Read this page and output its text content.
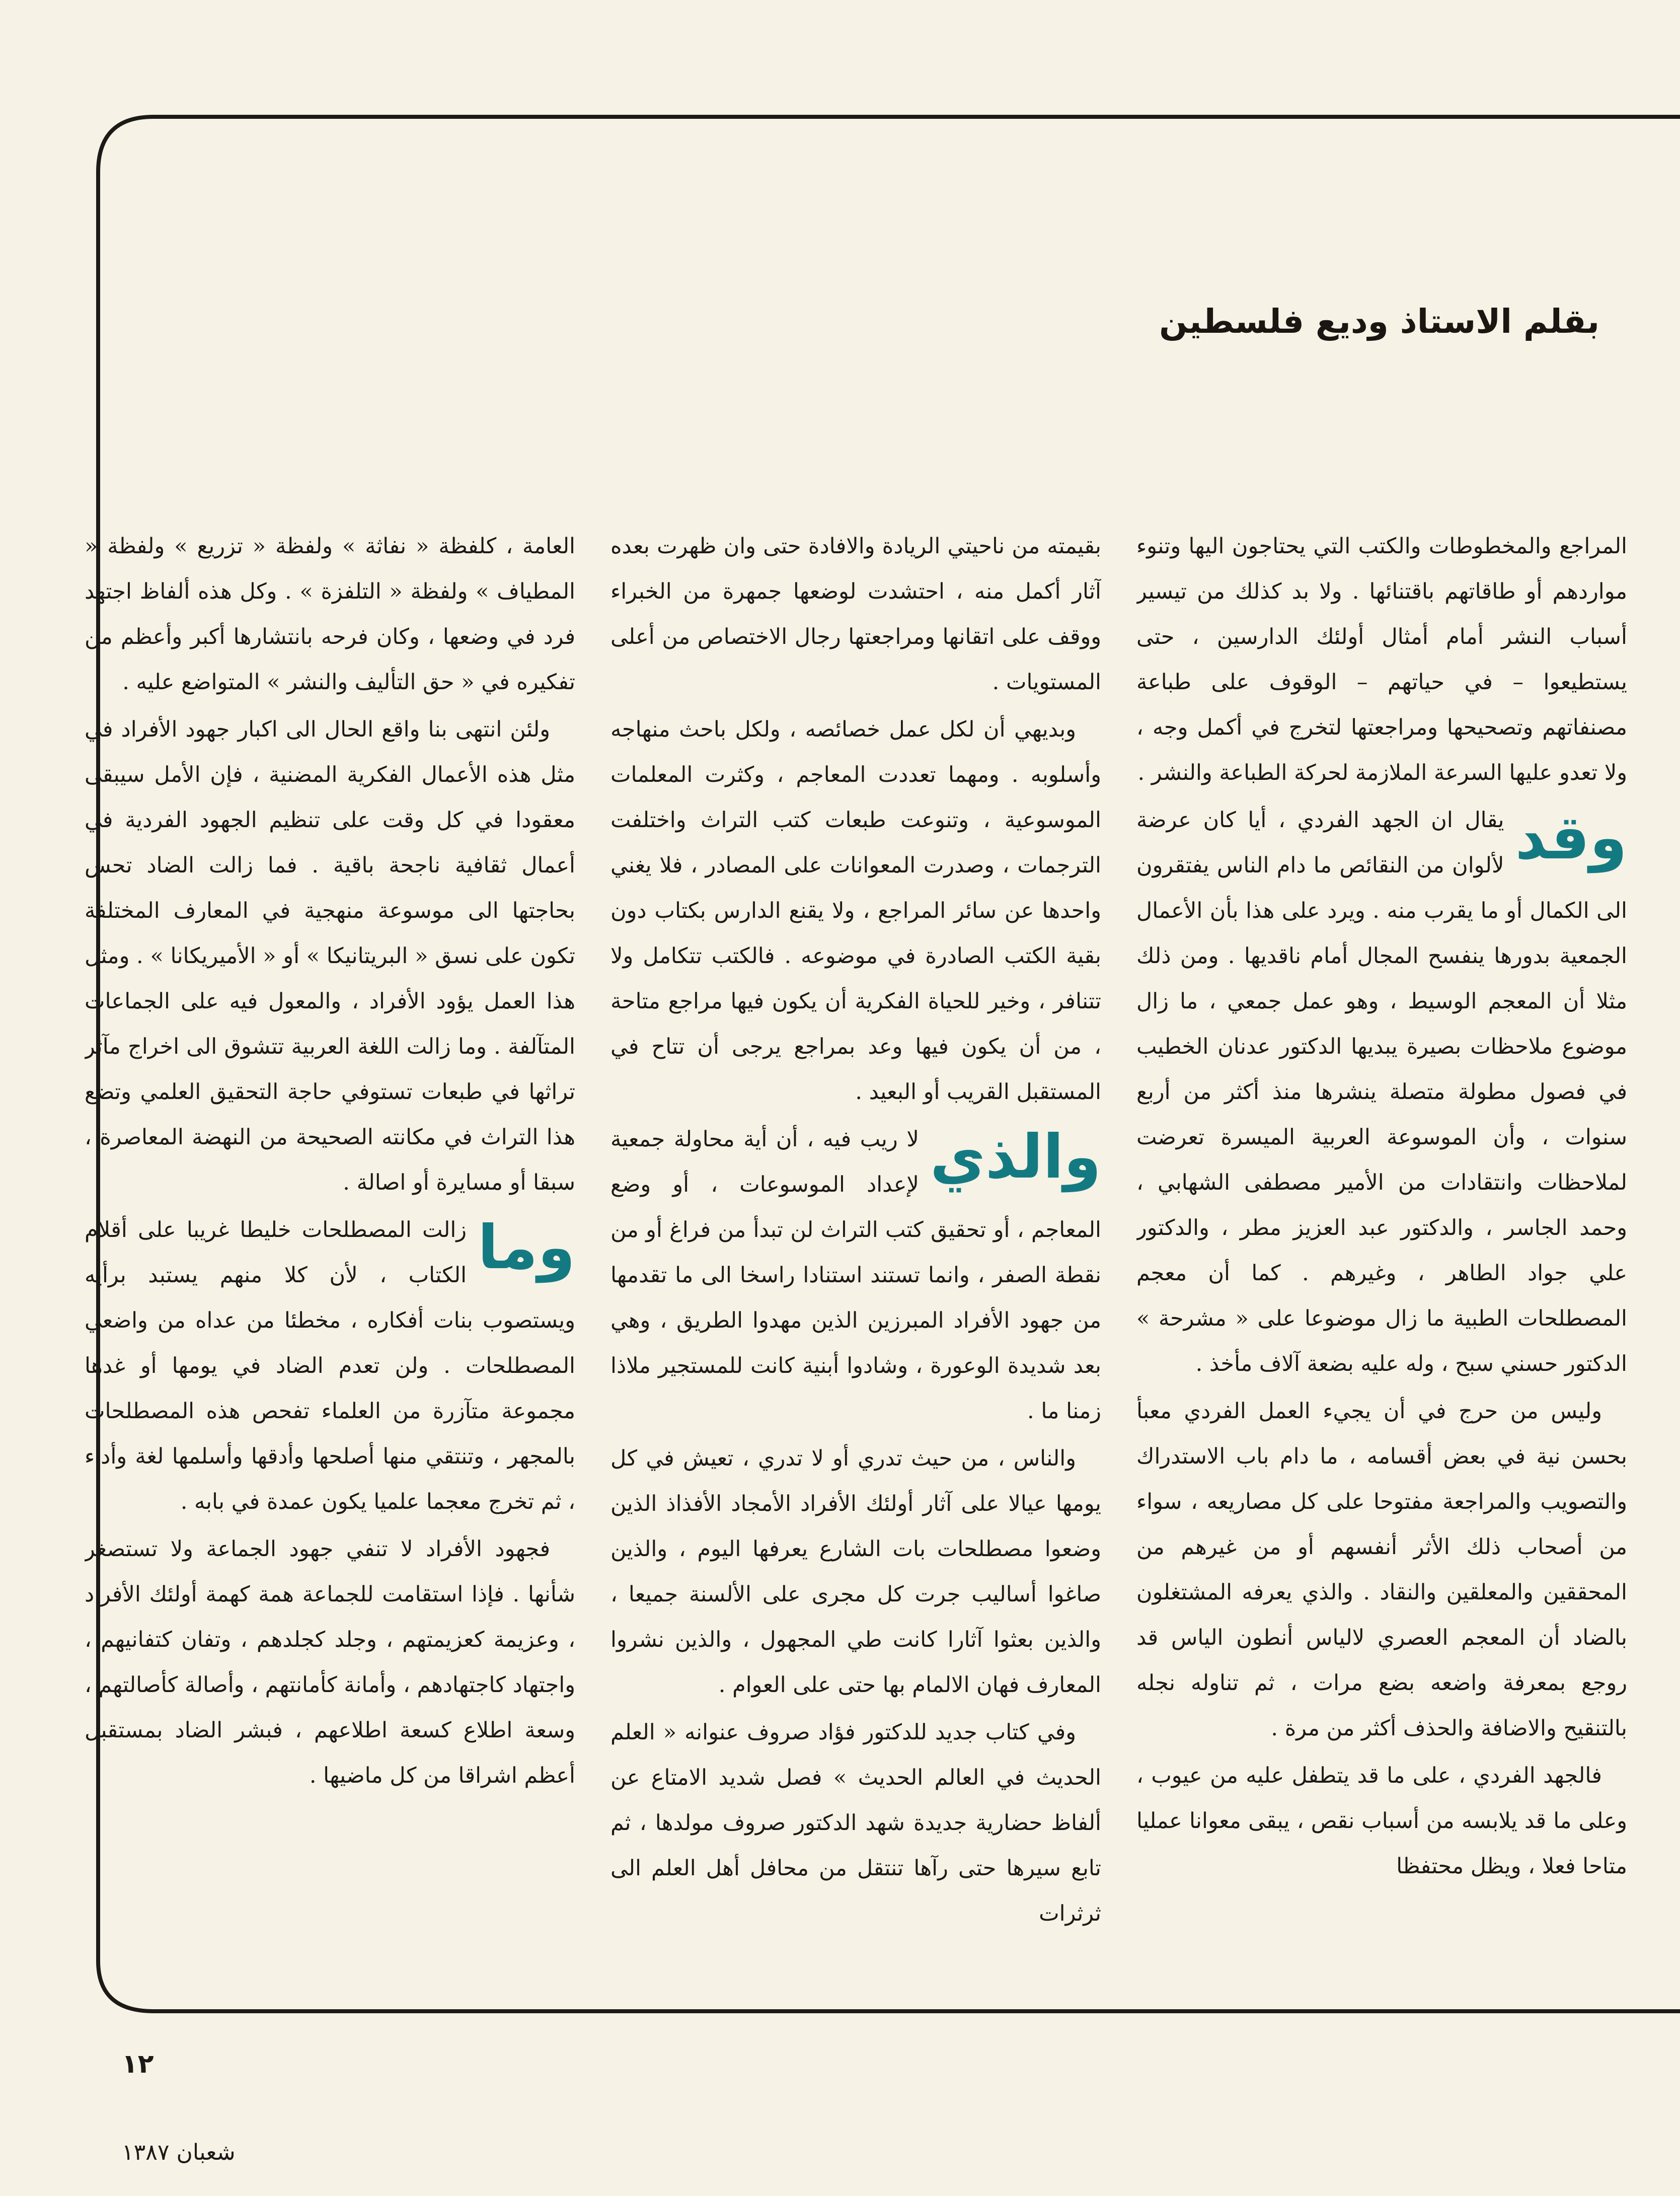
بقلم الاستاذ وديع فلسطين

المراجع والمخطوطات والكتب التي يحتاجون اليها وتنوء مواردهم أو طاقاتهم باقتنائها . ولا بد كذلك من تيسير أسباب النشر أمام أمثال أولئك الدارسين ، حتى يستطيعوا – في حياتهم – الوقوف على طباعة مصنفاتهم وتصحيحها ومراجعتها لتخرج في أكمل وجه ، ولا تعدو عليها السرعة الملازمة لحركة الطباعة والنشر .

وقد
يقال ان الجهد الفردي ، أيا كان عرضة لألوان من النقائص ما دام الناس يفتقرون الى الكمال أو ما يقرب منه . ويرد على هذا بأن الأعمال الجمعية بدورها ينفسح المجال أمام ناقديها . ومن ذلك مثلا أن المعجم الوسيط ، وهو عمل جمعي ، ما زال موضوع ملاحظات بصيرة يبديها الدكتور عدنان الخطيب في فصول مطولة متصلة ينشرها منذ أكثر من أربع سنوات ، وأن الموسوعة العربية الميسرة تعرضت لملاحظات وانتقادات من الأمير مصطفى الشهابي ، وحمد الجاسر ، والدكتور عبد العزيز مطر ، والدكتور علي جواد الطاهر ، وغيرهم . كما أن معجم المصطلحات الطبية ما زال موضوعا على « مشرحة » الدكتور حسني سبح ، وله عليه بضعة آلاف مأخذ .

وليس من حرج في أن يجيء العمل الفردي معبأ بحسن نية في بعض أقسامه ، ما دام باب الاستدراك والتصويب والمراجعة مفتوحا على كل مصاريعه ، سواء من أصحاب ذلك الأثر أنفسهم أو من غيرهم من المحققين والمعلقين والنقاد . والذي يعرفه المشتغلون بالضاد أن المعجم العصري لالياس أنطون الياس قد روجع بمعرفة واضعه بضع مرات ، ثم تناوله نجله بالتنقيح والاضافة والحذف أكثر من مرة .

فالجهد الفردي ، على ما قد يتطفل عليه من عيوب ، وعلى ما قد يلابسه من أسباب نقص ، يبقى معوانا عمليا متاحا فعلا ، ويظل محتفظا

بقيمته من ناحيتي الريادة والافادة حتى وان ظهرت بعده آثار أكمل منه ، احتشدت لوضعها جمهرة من الخبراء ووقف على اتقانها ومراجعتها رجال الاختصاص من أعلى المستويات .

وبديهي أن لكل عمل خصائصه ، ولكل باحث منهاجه وأسلوبه . ومهما تعددت المعاجم ، وكثرت المعلمات الموسوعية ، وتنوعت طبعات كتب التراث واختلفت الترجمات ، وصدرت المعوانات على المصادر ، فلا يغني واحدها عن سائر المراجع ، ولا يقنع الدارس بكتاب دون بقية الكتب الصادرة في موضوعه . فالكتب تتكامل ولا تتنافر ، وخير للحياة الفكرية أن يكون فيها مراجع متاحة ، من أن يكون فيها وعد بمراجع يرجى أن تتاح في المستقبل القريب أو البعيد .

والذي
لا ريب فيه ، أن أية محاولة جمعية لإعداد الموسوعات ، أو وضع المعاجم ، أو تحقيق كتب التراث لن تبدأ من فراغ أو من نقطة الصفر ، وانما تستند استنادا راسخا الى ما تقدمها من جهود الأفراد المبرزين الذين مهدوا الطريق ، وهي بعد شديدة الوعورة ، وشادوا أبنية كانت للمستجير ملاذا زمنا ما .

والناس ، من حيث تدري أو لا تدري ، تعيش في كل يومها عيالا على آثار أولئك الأفراد الأمجاد الأفذاذ الذين وضعوا مصطلحات بات الشارع يعرفها اليوم ، والذين صاغوا أساليب جرت كل مجرى على الألسنة جميعا ، والذين بعثوا آثارا كانت طي المجهول ، والذين نشروا المعارف فهان الالمام بها حتى على العوام .

وفي كتاب جديد للدكتور فؤاد صروف عنوانه « العلم الحديث في العالم الحديث » فصل شديد الامتاع عن ألفاظ حضارية جديدة شهد الدكتور صروف مولدها ، ثم تابع سيرها حتى رآها تنتقل من محافل أهل العلم الى ثرثرات

العامة ، كلفظة « نفاثة » ولفظة « تزريع » ولفظة « المطياف » ولفظة « التلفزة » . وكل هذه ألفاظ اجتهد فرد في وضعها ، وكان فرحه بانتشارها أكبر وأعظم من تفكيره في « حق التأليف والنشر » المتواضع عليه .

ولئن انتهى بنا واقع الحال الى اكبار جهود الأفراد في مثل هذه الأعمال الفكرية المضنية ، فإن الأمل سيبقى معقودا في كل وقت على تنظيم الجهود الفردية في أعمال ثقافية ناجحة باقية . فما زالت الضاد تحس بحاجتها الى موسوعة منهجية في المعارف المختلفة تكون على نسق « البريتانيكا » أو « الأميريكانا » . ومثل هذا العمل يؤود الأفراد ، والمعول فيه على الجماعات المتآلفة . وما زالت اللغة العربية تتشوق الى اخراج مآثر تراثها في طبعات تستوفي حاجة التحقيق العلمي وتضع هذا التراث في مكانته الصحيحة من النهضة المعاصرة ، سبقا أو مسايرة أو اصالة .

وما
زالت المصطلحات خليطا غريبا على أقلام الكتاب ، لأن كلا منهم يستبد برأيه ويستصوب بنات أفكاره ، مخطئا من عداه من واضعي المصطلحات . ولن تعدم الضاد في يومها أو غدها مجموعة متآزرة من العلماء تفحص هذه المصطلحات بالمجهر ، وتنتقي منها أصلحها وأدقها وأسلمها لغة وأداء ، ثم تخرج معجما علميا يكون عمدة في بابه .

فجهود الأفراد لا تنفي جهود الجماعة ولا تستصغر شأنها . فإذا استقامت للجماعة همة كهمة أولئك الأفراد ، وعزيمة كعزيمتهم ، وجلد كجلدهم ، وتفان كتفانيهم ، واجتهاد كاجتهادهم ، وأمانة كأمانتهم ، وأصالة كأصالتهم ، وسعة اطلاع كسعة اطلاعهم ، فبشر الضاد بمستقبل أعظم اشراقا من كل ماضيها .

١٢
شعبان ١٣٨٧
